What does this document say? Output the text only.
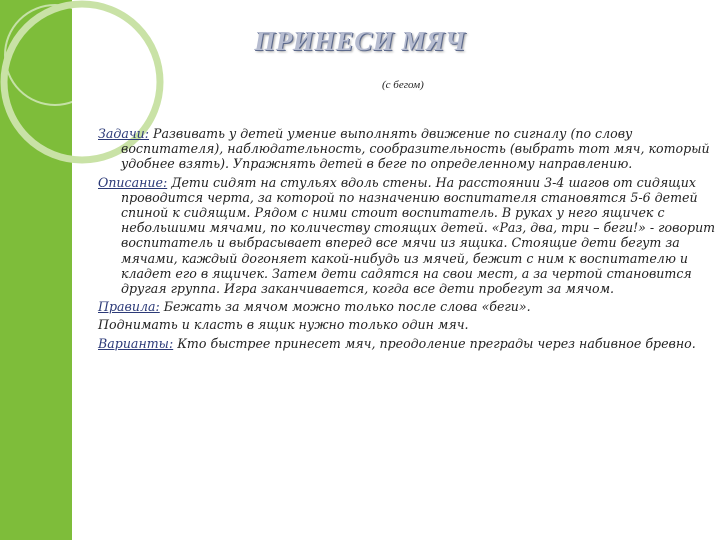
ПРИНЕСИ МЯЧ
(с бегом)

Задачи: Развивать у детей умение выполнять движение по сигналу (по слову воспитателя), наблюдательность, сообразительность (выбрать тот мяч, который удобнее взять). Упражнять детей в беге по определенному направлению.

Описание: Дети сидят на стульях вдоль стены. На расстоянии 3-4 шагов от сидящих проводится черта, за которой по назначению воспитателя становятся 5-6 детей спиной к сидящим. Рядом с ними стоит воспитатель. В руках у него ящичек с небольшими мячами, по количеству стоящих детей. «Раз, два, три – беги!» - говорит воспитатель и выбрасывает вперед все мячи из ящика. Стоящие дети бегут за мячами, каждый догоняет какой-нибудь из мячей, бежит с ним к воспитателю и кладет его в ящичек. Затем дети садятся на свои мест, а за чертой становится другая группа. Игра заканчивается, когда все дети пробегут за мячом.

Правила: Бежать за мячом можно только после слова «беги».

Поднимать и класть в ящик нужно только один мяч.

Варианты: Кто быстрее принесет мяч, преодоление преграды через набивное бревно.
